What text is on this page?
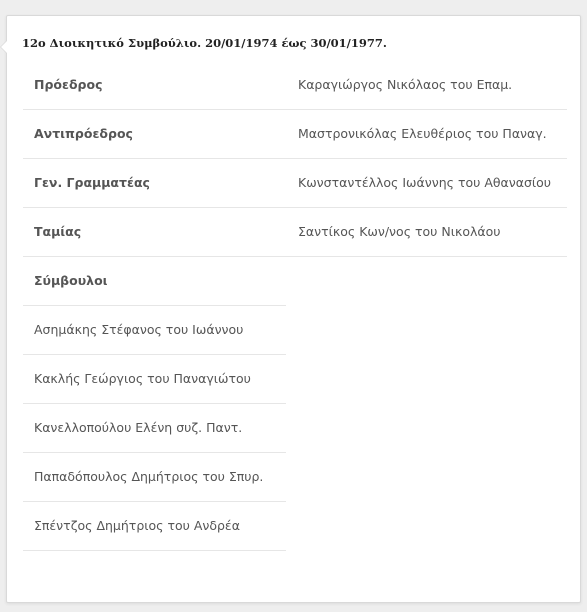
12ο Διοικητικό Συμβούλιο. 20/01/1974 έως 30/01/1977.
Πρόεδρος	Καραγιώργος Νικόλαος του Επαμ.
Αντιπρόεδρος	Μαστρονικόλας Ελευθέριος του Παναγ.
Γεν. Γραμματέας	Κωνσταντέλλος Ιωάννης του Αθανασίου
Ταμίας	Σαντίκος Κων/νος του Νικολάου
Σύμβουλοι
Ασημάκης Στέφανος του Ιωάννου
Κακλής Γεώργιος του Παναγιώτου
Κανελλοπούλου Ελένη συζ. Παντ.
Παπαδόπουλος Δημήτριος του Σπυρ.
Σπέντζος Δημήτριος του Ανδρέα
